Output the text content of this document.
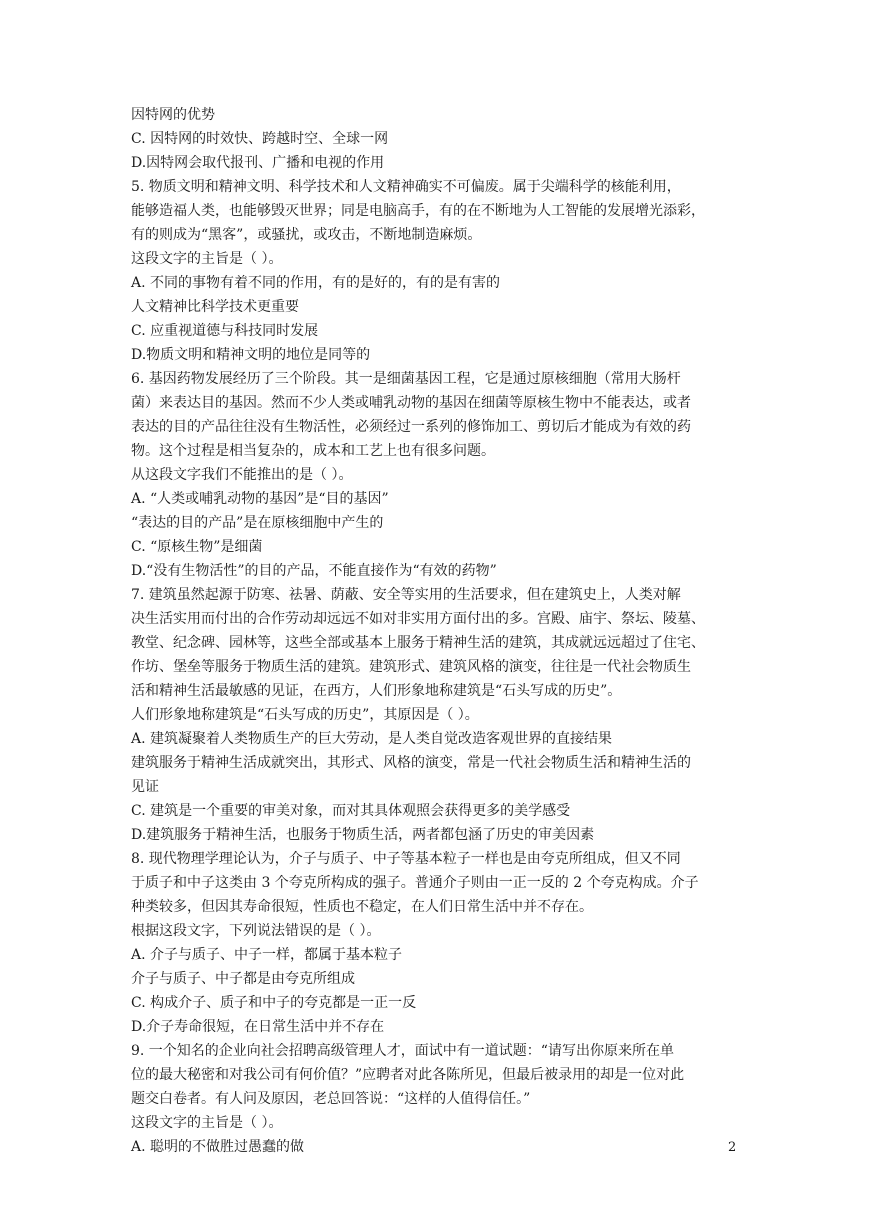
因特网的优势

C. 因特网的时效快、跨越时空、全球一网

D.因特网会取代报刊、广播和电视的作用

5. 物质文明和精神文明、科学技术和人文精神确实不可偏废。属于尖端科学的核能利用，

能够造福人类，也能够毁灭世界；同是电脑高手，有的在不断地为人工智能的发展增光添彩，

有的则成为“黑客”，或骚扰，或攻击，不断地制造麻烦。

这段文字的主旨是（ ）。

A. 不同的事物有着不同的作用，有的是好的，有的是有害的

人文精神比科学技术更重要

C. 应重视道德与科技同时发展

D.物质文明和精神文明的地位是同等的

6. 基因药物发展经历了三个阶段。其一是细菌基因工程，它是通过原核细胞（常用大肠杆

菌）来表达目的基因。然而不少人类或哺乳动物的基因在细菌等原核生物中不能表达，或者

表达的目的产品往往没有生物活性，必须经过一系列的修饰加工、剪切后才能成为有效的药

物。这个过程是相当复杂的，成本和工艺上也有很多问题。

从这段文字我们不能推出的是（ ）。

A. “人类或哺乳动物的基因”是“目的基因”

“表达的目的产品”是在原核细胞中产生的

C. “原核生物”是细菌

D.“没有生物活性”的目的产品，不能直接作为“有效的药物”

7. 建筑虽然起源于防寒、祛暑、荫蔽、安全等实用的生活要求，但在建筑史上，人类对解

决生活实用而付出的合作劳动却远远不如对非实用方面付出的多。宫殿、庙宇、祭坛、陵墓、

教堂、纪念碑、园林等，这些全部或基本上服务于精神生活的建筑，其成就远远超过了住宅、

作坊、堡垒等服务于物质生活的建筑。建筑形式、建筑风格的演变，往往是一代社会物质生

活和精神生活最敏感的见证，在西方，人们形象地称建筑是“石头写成的历史”。

人们形象地称建筑是“石头写成的历史”，其原因是（ ）。

A. 建筑凝聚着人类物质生产的巨大劳动，是人类自觉改造客观世界的直接结果

建筑服务于精神生活成就突出，其形式、风格的演变，常是一代社会物质生活和精神生活的

见证

C. 建筑是一个重要的审美对象，而对其具体观照会获得更多的美学感受

D.建筑服务于精神生活，也服务于物质生活，两者都包涵了历史的审美因素

8. 现代物理学理论认为，介子与质子、中子等基本粒子一样也是由夸克所组成，但又不同

于质子和中子这类由 3 个夸克所构成的强子。普通介子则由一正一反的 2 个夸克构成。介子

种类较多，但因其寿命很短，性质也不稳定，在人们日常生活中并不存在。

根据这段文字，下列说法错误的是（ ）。

A. 介子与质子、中子一样，都属于基本粒子

介子与质子、中子都是由夸克所组成

C. 构成介子、质子和中子的夸克都是一正一反

D.介子寿命很短，在日常生活中并不存在

9. 一个知名的企业向社会招聘高级管理人才，面试中有一道试题：“请写出你原来所在单

位的最大秘密和对我公司有何价值？”应聘者对此各陈所见，但最后被录用的却是一位对此

题交白卷者。有人问及原因，老总回答说：“这样的人值得信任。”

这段文字的主旨是（ ）。

A. 聪明的不做胜过愚蠢的做	2
